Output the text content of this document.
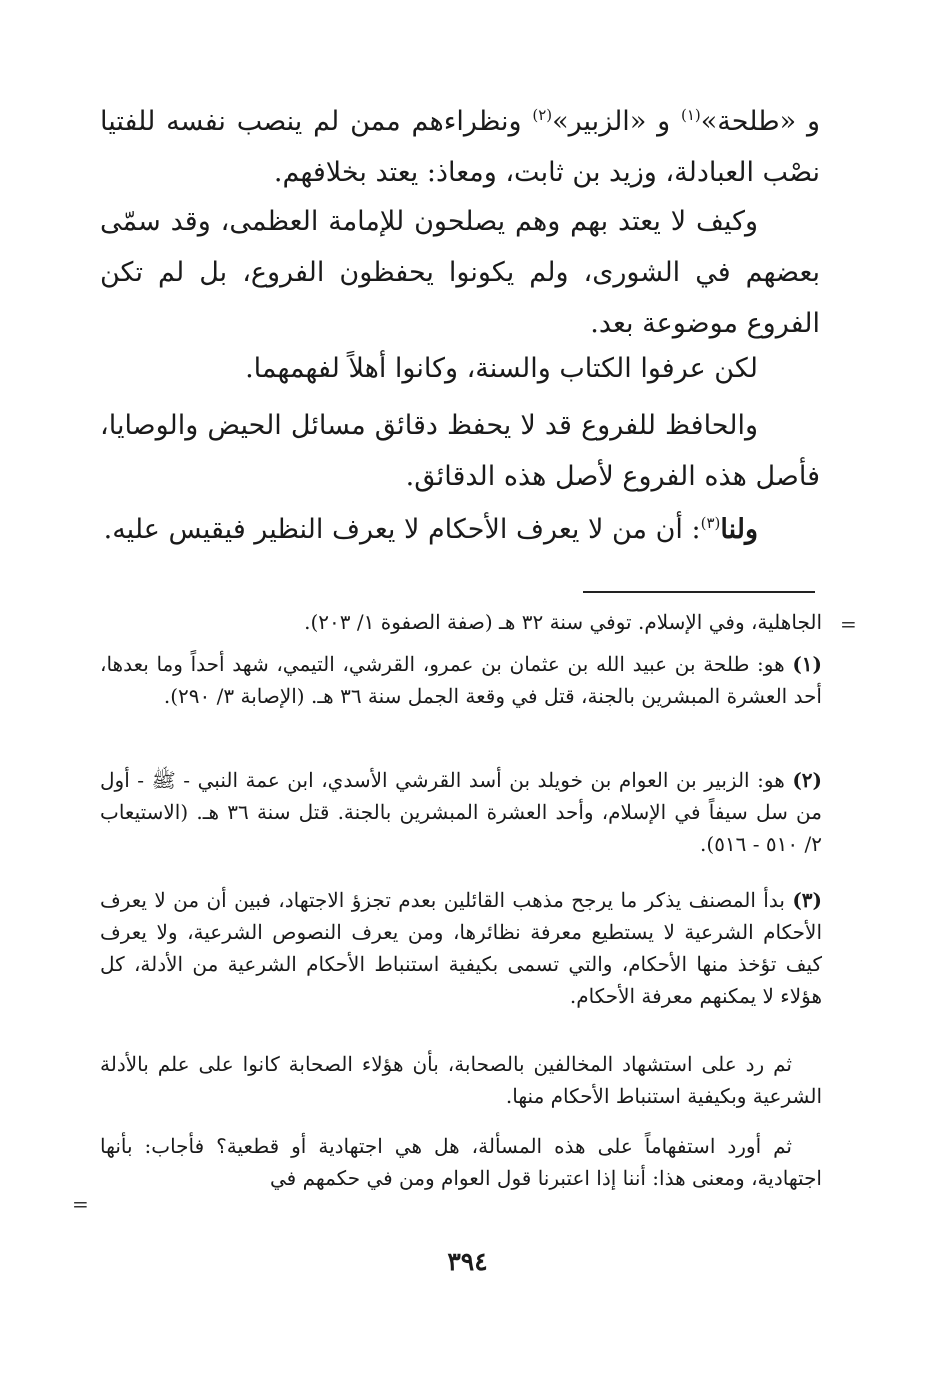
و «طلحة»$^{(١)}$ و «الزبير»$^{(٢)}$ ونظراءهم ممن لم ينصب نفسه للفتيا نصْب العبادلة، وزيد بن ثابت، ومعاذ: يعتد بخلافهم.
وكيف لا يعتد بهم وهم يصلحون للإمامة العظمى، وقد سمّى بعضهم في الشورى، ولم يكونوا يحفظون الفروع، بل لم تكن الفروع موضوعة بعد.
لكن عرفوا الكتاب والسنة، وكانوا أهلاً لفهمهما.
والحافظ للفروع قد لا يحفظ دقائق مسائل الحيض والوصايا، فأصل هذه الفروع لأصل هذه الدقائق.
ولنا$^{(٣)}$: أن من لا يعرف الأحكام لا يعرف النظير فيقيس عليه.
=
الجاهلية، وفي الإسلام. توفي سنة ٣٢ هـ (صفة الصفوة ١/ ٢٠٣).
(١) هو: طلحة بن عبيد الله بن عثمان بن عمرو، القرشي، التيمي، شهد أحداً وما بعدها، أحد العشرة المبشرين بالجنة، قتل في وقعة الجمل سنة ٣٦ هـ. (الإصابة ٣/ ٢٩٠).
(٢) هو: الزبير بن العوام بن خويلد بن أسد القرشي الأسدي، ابن عمة النبي - ﷺ - أول من سل سيفاً في الإسلام، وأحد العشرة المبشرين بالجنة. قتل سنة ٣٦ هـ. (الاستيعاب ٢/ ٥١٠ - ٥١٦).
(٣) بدأ المصنف يذكر ما يرجح مذهب القائلين بعدم تجزؤ الاجتهاد، فبين أن من لا يعرف الأحكام الشرعية لا يستطيع معرفة نظائرها، ومن يعرف النصوص الشرعية، ولا يعرف كيف تؤخذ منها الأحكام، والتي تسمى بكيفية استنباط الأحكام الشرعية من الأدلة، كل هؤلاء لا يمكنهم معرفة الأحكام.
ثم رد على استشهاد المخالفين بالصحابة، بأن هؤلاء الصحابة كانوا على علم بالأدلة الشرعية وبكيفية استنباط الأحكام منها.
ثم أورد استفهاماً على هذه المسألة، هل هي اجتهادية أو قطعية؟ فأجاب: بأنها اجتهادية، ومعنى هذا: أننا إذا اعتبرنا قول العوام ومن في حكمهم في
=
٣٩٤
